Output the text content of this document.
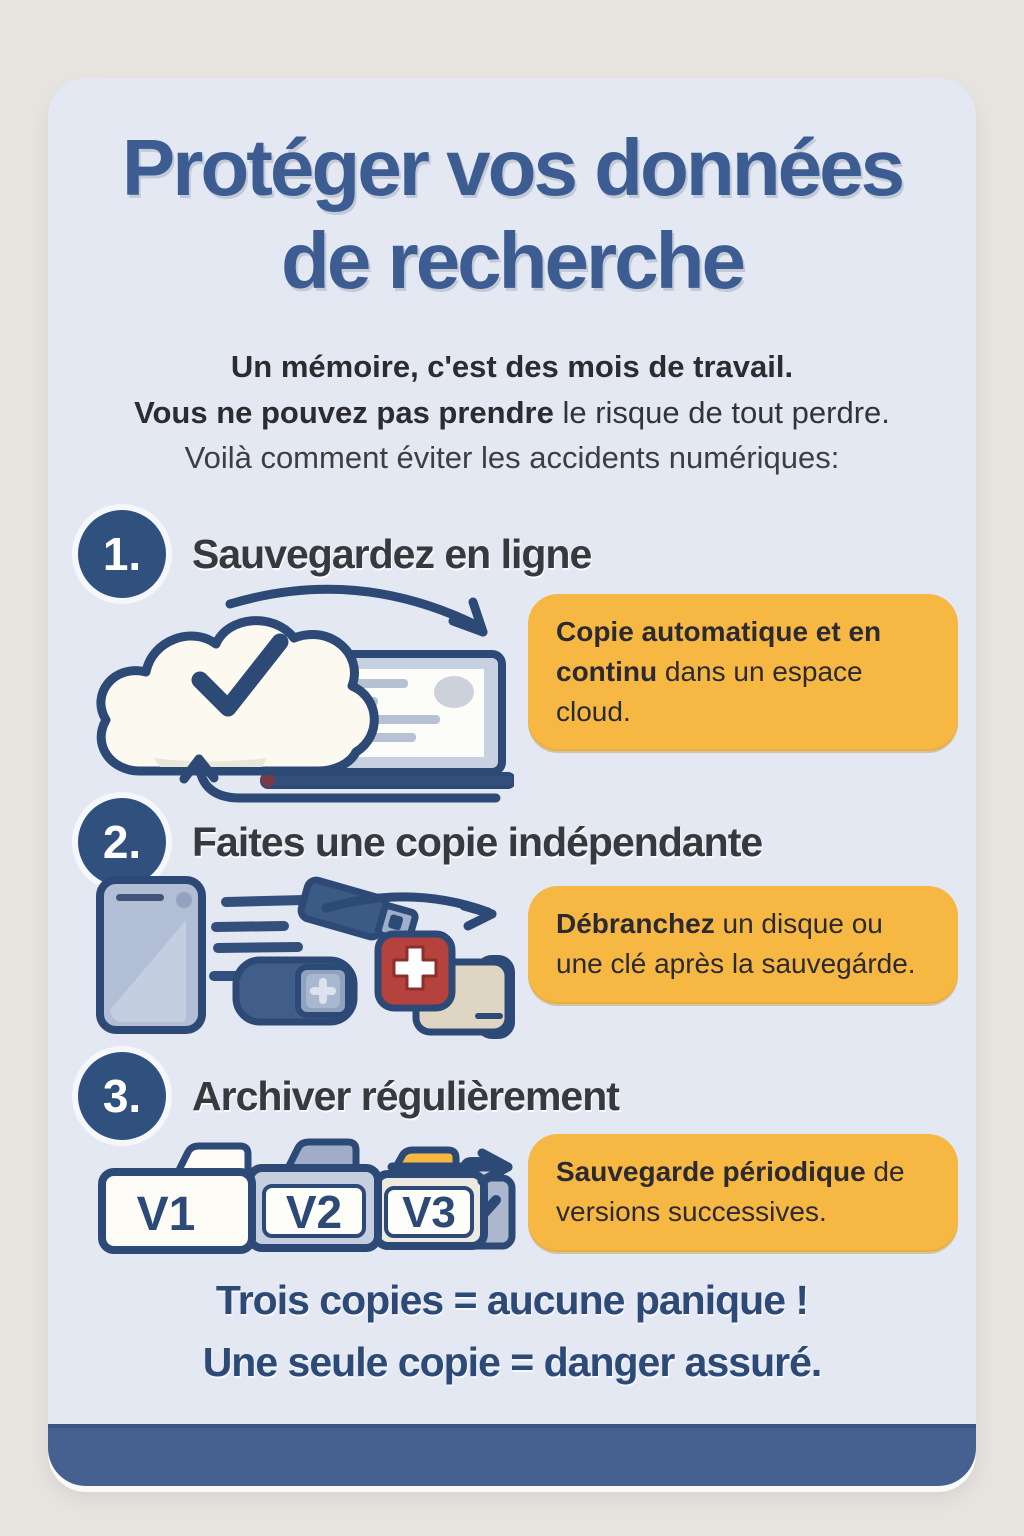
Protéger vos données
de recherche
Un mémoire, c'est des mois de travail.
Vous ne pouvez pas prendre le risque de tout perdre.
Voilà comment éviter les accidents numériques:
1. Sauvegardez en ligne
Copie automatique et en continu dans un espace cloud.
2. Faites une copie indépendante
Débranchez un disque ou une clé après la sauvegárde.
3. Archiver régulièrement
V3
V2
V1
Sauvegarde périodique de versions successives.
Trois copies = aucune panique !
Une seule copie = danger assuré.
